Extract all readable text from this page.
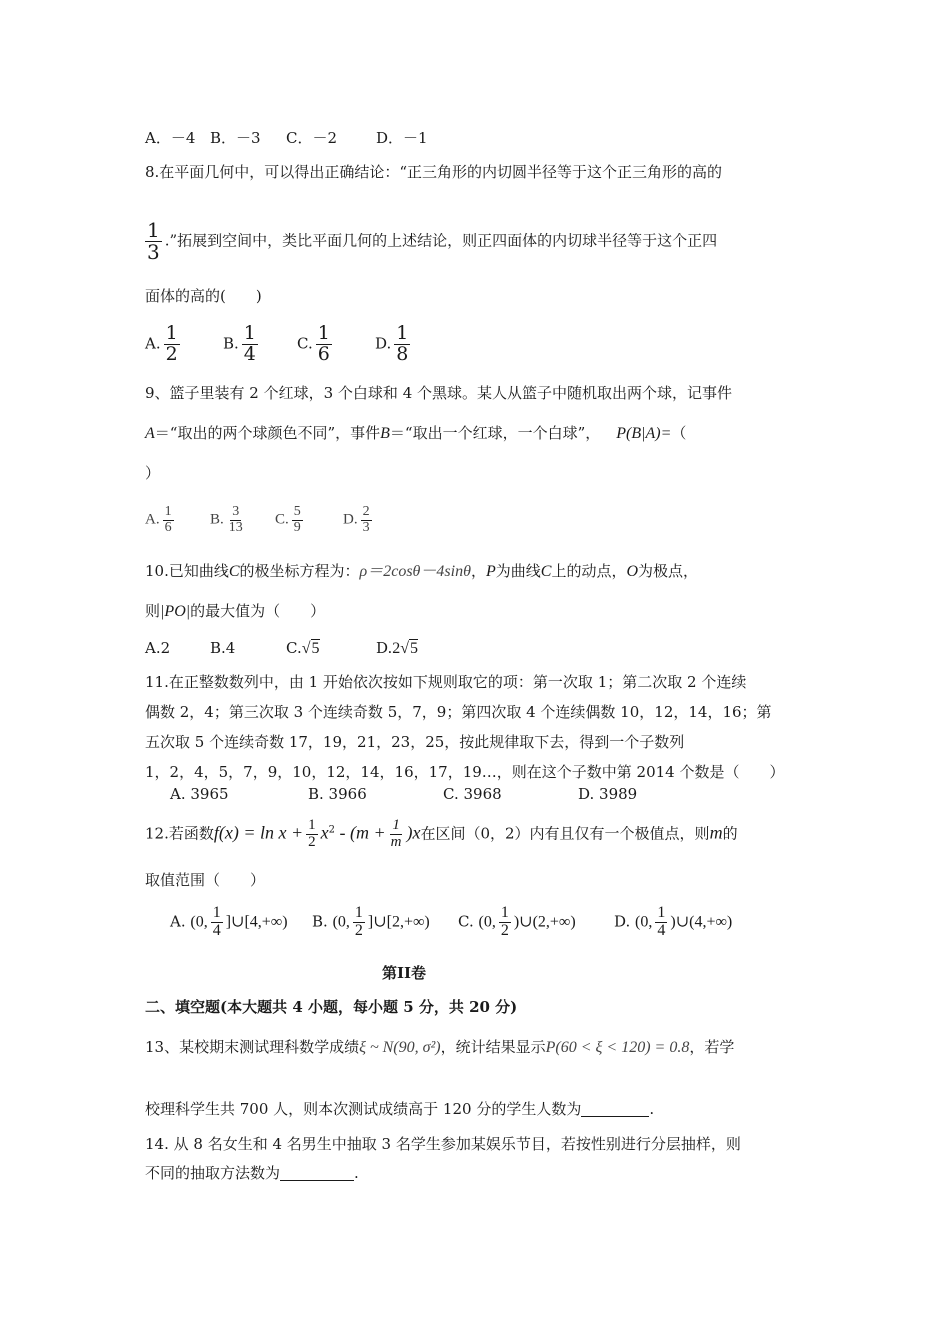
A．－4 B．－3 C．－2	D．－1
8.在平面几何中，可以得出正确结论：“正三角形的内切圆半径等于这个正三角形的高的
$\frac{1}{3}$ .”拓展到空间中，类比平面几何的上述结论，则正四面体的内切球半径等于这个正四
面体的高的(　　)
A. $\frac{1}{2}$	B. $\frac{1}{4}$	C. $\frac{1}{6}$	D. $\frac{1}{8}$
9、篮子里装有 2 个红球，3 个白球和 4 个黑球。某人从篮子中随机取出两个球，记事件
A＝“取出的两个球颜色不同”，事件B＝“取出一个红球，一个白球”， P(B|A)=（
）
A. $\frac{1}{6} B$. $\frac{3}{13} C$. $\frac{5}{9}$	D. $\frac{2}{3}$
10.已知曲线C的极坐标方程为：ρ＝2cosθ－4sinθ，P为曲线C上的动点，O为极点，
则|PO|的最大值为（　　）
A.2	B.4	C.√5	D.2√5
11.在正整数数列中，由 1 开始依次按如下规则取它的项：第一次取 1；第二次取 2 个连续
偶数 2，4；第三次取 3 个连续奇数 5，7，9；第四次取 4 个连续偶数 10，12，14，16；第
五次取 5 个连续奇数 17，19，21，23，25，按此规律取下去，得到一个子数列
1，2，4，5，7，9，10，12，14，16，17，19…，则在这个子数中第 2014 个数是（　　）
A. 3965	B. 3966	C. 3968	D. 3989
12.若函数$f(x) = \ln x + \frac{1}{2} x^2 - (m + \frac{1}{m} )x$在区间（0，2）内有且仅有一个极值点，则m的
取值范围（　　）
A. (0, $\frac{1}{4}$ ]∪[4,+∞) B. (0, $\frac{1}{2}$ ]∪[2,+∞) C. (0, $\frac{1}{2}$ )∪(2,+∞)	D. (0, $\frac{1}{4}$ )∪(4,+∞)
第II卷
二、填空题(本大题共 4 小题，每小题 5 分，共 20 分)
13、某校期末测试理科数学成绩ξ ~ N(90, σ²)，统计结果显示P(60 < ξ < 120) = 0.8，若学
校理科学生共 700 人，则本次测试成绩高于 120 分的学生人数为	.
14. 从 8 名女生和 4 名男生中抽取 3 名学生参加某娱乐节目，若按性别进行分层抽样，则
不同的抽取方法数为	.
